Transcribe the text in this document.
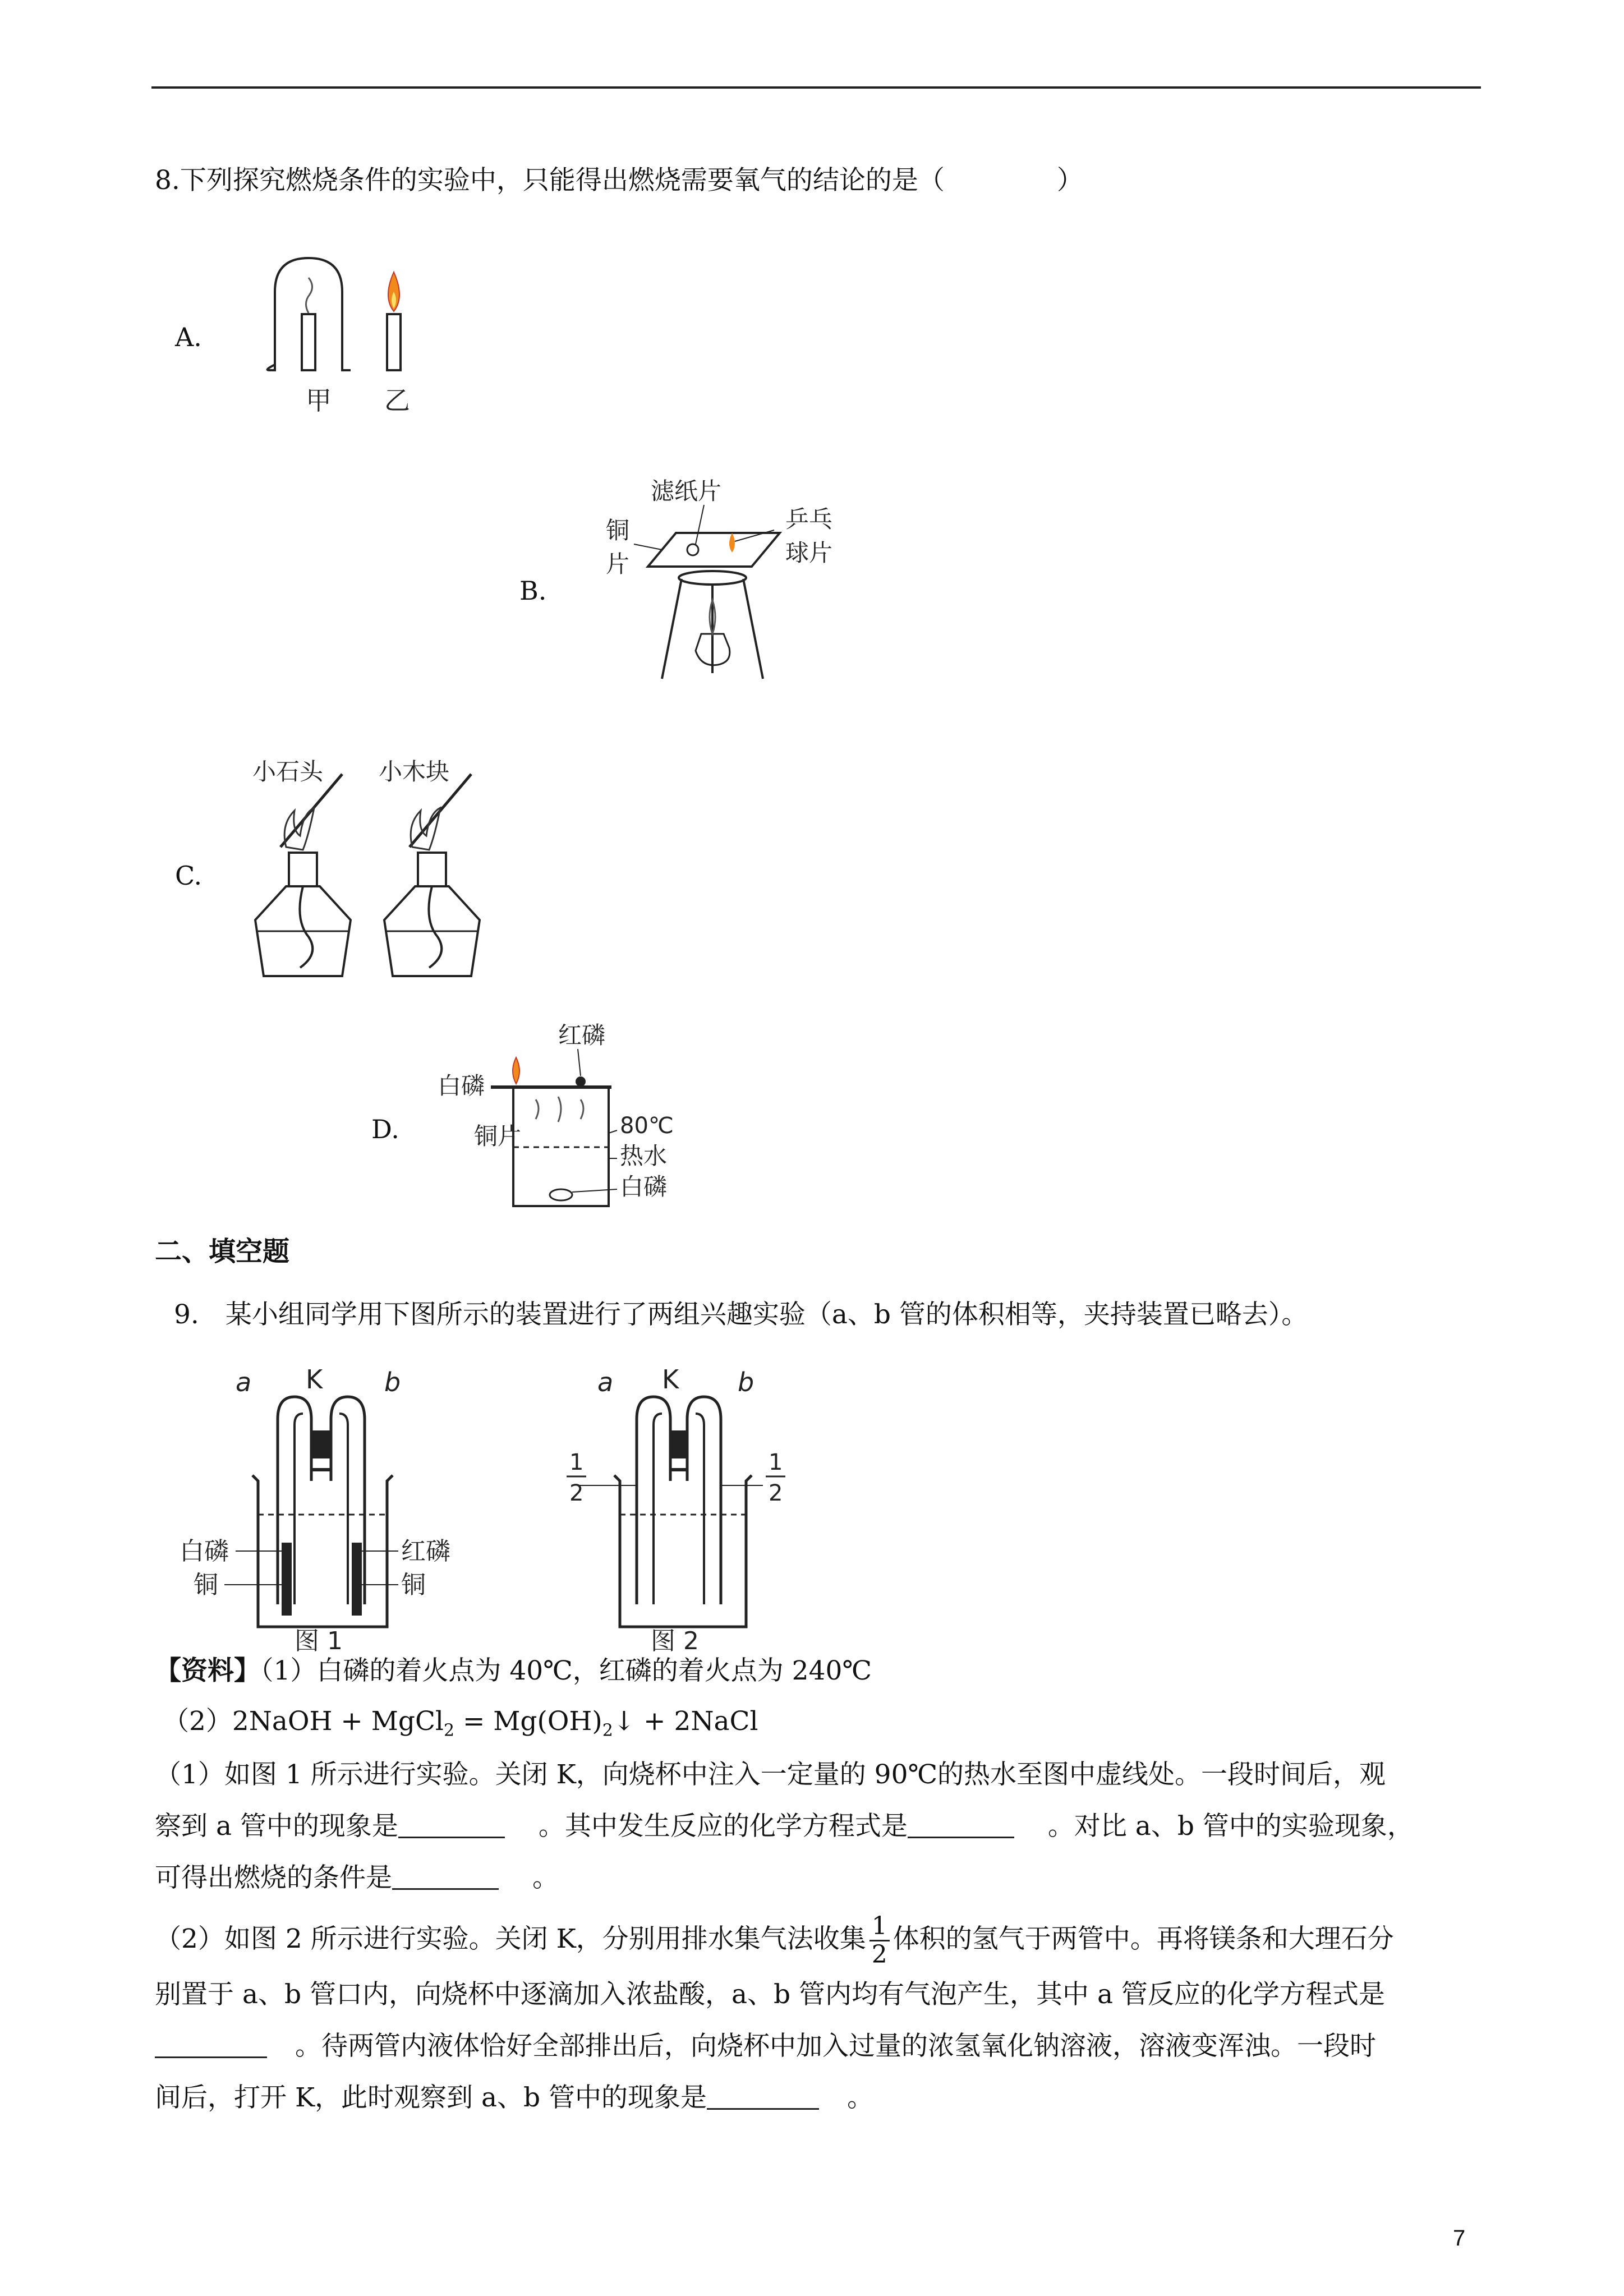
8.下列探究燃烧条件的实验中，只能得出燃烧需要氧气的结论的是（	）
A.
甲 乙
B.
滤纸片
铜
片
乒乓
球片
C.
小石头 小木块
D.
红磷
白磷
铜片	80℃
热水
白磷
二、填空题
9.　某小组同学用下图所示的装置进行了两组兴趣实验（a、b 管的体积相等，夹持装置已略去）。
a K b
白磷
铜
红磷
铜
图 1
a K b
1
2
1
2
图 2
【资料】（1）白磷的着火点为 40℃，红磷的着火点为 240℃
（2）2NaOH + MgCl$_2$ = $Mg(OH)_2↓$ + 2NaCl
（1）如图 1 所示进行实验。关闭 K，向烧杯中注入一定量的 90℃的热水至图中虚线处。一段时间后，观
察到 a 管中的现象是	。其中发生反应的化学方程式是	。对比 a、b 管中的实验现象，
可得出燃烧的条件是	。
（2）如图 2 所示进行实验。关闭 K，分别用排水集气法收集 $\frac{1}{2}$ 体积的氢气于两管中。再将镁条和大理石分
别置于 a、b 管口内，向烧杯中逐滴加入浓盐酸，a、b 管内均有气泡产生，其中 a 管反应的化学方程式是
。待两管内液体恰好全部排出后，向烧杯中加入过量的浓氢氧化钠溶液，溶液变浑浊。一段时
间后，打开 K，此时观察到 a、b 管中的现象是	。
7
